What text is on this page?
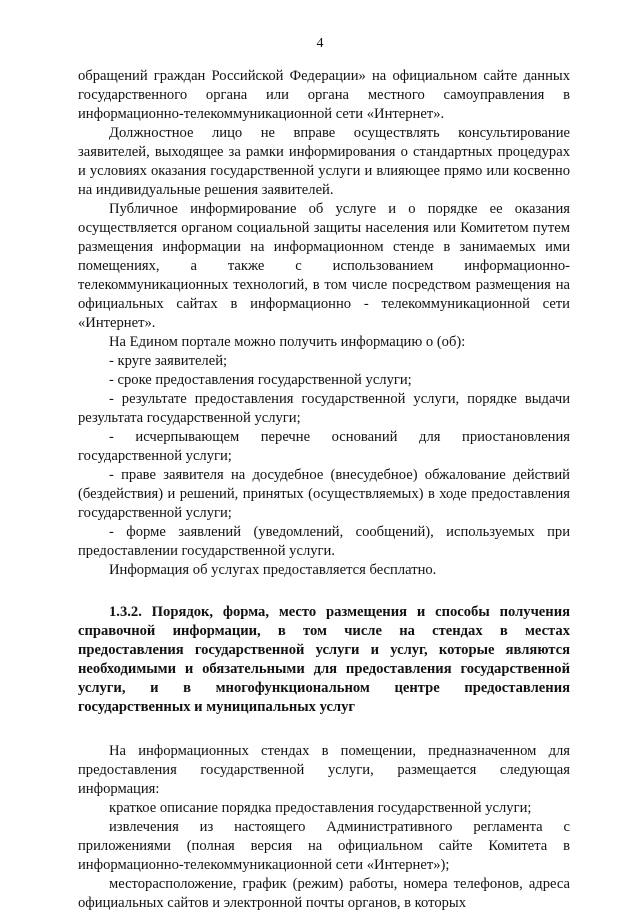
4

обращений граждан Российской Федерации» на официальном сайте данных государственного органа или органа местного самоуправления в информационно-телекоммуникационной сети «Интернет».

Должностное лицо не вправе осуществлять консультирование заявителей, выходящее за рамки информирования о стандартных процедурах и условиях оказания государственной услуги и влияющее прямо или косвенно на индивидуальные решения заявителей.

Публичное информирование об услуге и о порядке ее оказания осуществляется органом социальной защиты населения или Комитетом путем размещения информации на информационном стенде в занимаемых ими помещениях, а также с использованием информационно-телекоммуникационных технологий, в том числе посредством размещения на официальных сайтах в информационно - телекоммуникационной сети «Интернет».

На Едином портале можно получить информацию о (об):

- круге заявителей;

- сроке предоставления государственной услуги;

- результате предоставления государственной услуги, порядке выдачи результата государственной услуги;

- исчерпывающем перечне оснований для приостановления государственной услуги;

- праве заявителя на досудебное (внесудебное) обжалование действий (бездействия) и решений, принятых (осуществляемых) в ходе предоставления государственной услуги;

- форме заявлений (уведомлений, сообщений), используемых при предоставлении государственной услуги.

Информация об услугах предоставляется бесплатно.

1.3.2. Порядок, форма, место размещения и способы получения справочной информации, в том числе на стендах в местах предоставления государственной услуги и услуг, которые являются необходимыми и обязательными для предоставления государственной услуги, и в многофункциональном центре предоставления государственных и муниципальных услуг

На информационных стендах в помещении, предназначенном для предоставления государственной услуги, размещается следующая информация:

краткое описание порядка предоставления государственной услуги;

извлечения из настоящего Административного регламента с приложениями (полная версия на официальном сайте Комитета в информационно-телекоммуникационной сети «Интернет»);

месторасположение, график (режим) работы, номера телефонов, адреса официальных сайтов и электронной почты органов, в которых
